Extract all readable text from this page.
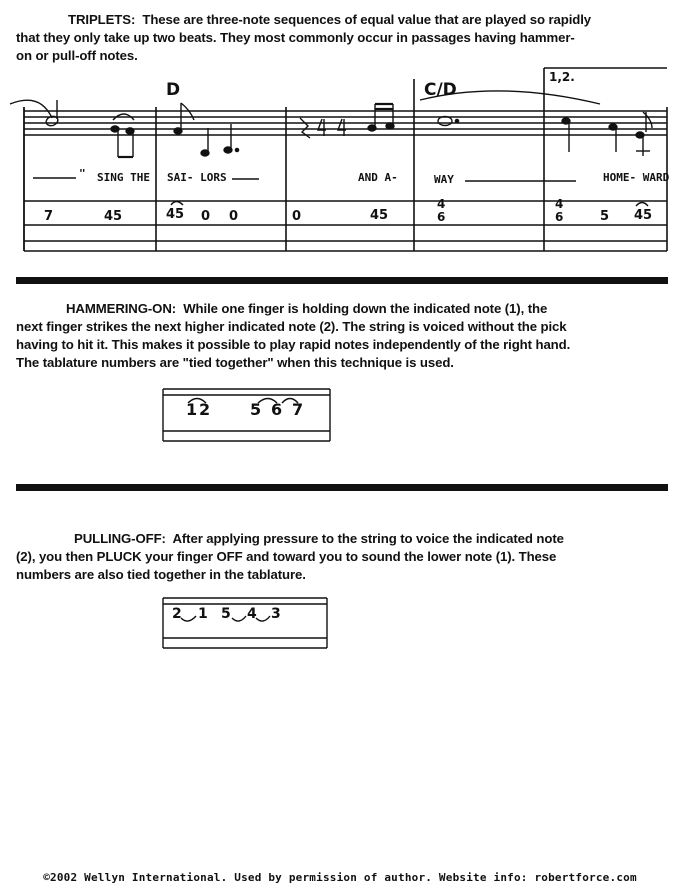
TRIPLETS: These are three-note sequences of equal value that are played so rapidly
that they only take up two beats. They most commonly occur in passages having hammer-
on or pull-off notes.
D	C/D
1,2.
" SING THE SAI- LORS	AND A-	WAY	HOME- WARD
7	45	45 0 0	0	45
4
6
4
6	5 45
HAMMERING-ON: While one finger is holding down the indicated note (1), the
next finger strikes the next higher indicated note (2). The string is voiced without the pick
having to hit it. This makes it possible to play rapid notes independently of the right hand.
The tablature numbers are "tied together" when this technique is used.
1 2 5 6 7
PULLING-OFF: After applying pressure to the string to voice the indicated note
(2), you then PLUCK your finger OFF and toward you to sound the lower note (1). These
numbers are also tied together in the tablature.
2 1 5 4 3
©2002 Wellyn International. Used by permission of author. Website info: robertforce.com
